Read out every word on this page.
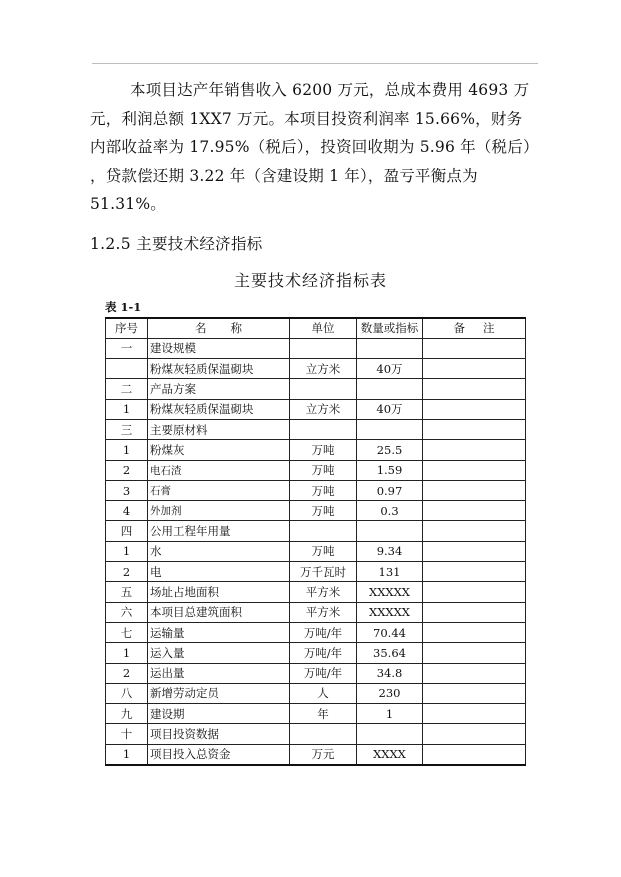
本项目达产年销售收入 6200 万元，总成本费用 4693 万
元，利润总额 1XX7 万元。本项目投资利润率 15.66%，财务
内部收益率为 17.95%（税后），投资回收期为 5.96 年（税后）
，贷款偿还期 3.22 年（含建设期 1 年），盈亏平衡点为
51.31%。
1.2.5 主要技术经济指标
主要技术经济指标表
表 1-1
序号	名称	单位	数量或指标	备注
一	建设规模			
	粉煤灰轻质保温砌块	立方米	40万	
二	产品方案			
1	粉煤灰轻质保温砌块	立方米	40万	
三	主要原材料			
1	粉煤灰	万吨	25.5	
2	电石渣	万吨	1.59	
3	石膏	万吨	0.97	
4	外加剂	万吨	0.3	
四	公用工程年用量			
1	水	万吨	9.34	
2	电	万千瓦时	131	
五	场址占地面积	平方米	XXXXX	
六	本项目总建筑面积	平方米	XXXXX	
七	运输量	万吨/年	70.44	
1	运入量	万吨/年	35.64	
2	运出量	万吨/年	34.8	
八	新增劳动定员	人	230	
九	建设期	年	1	
十	项目投资数据			
1	项目投入总资金	万元	XXXX	
